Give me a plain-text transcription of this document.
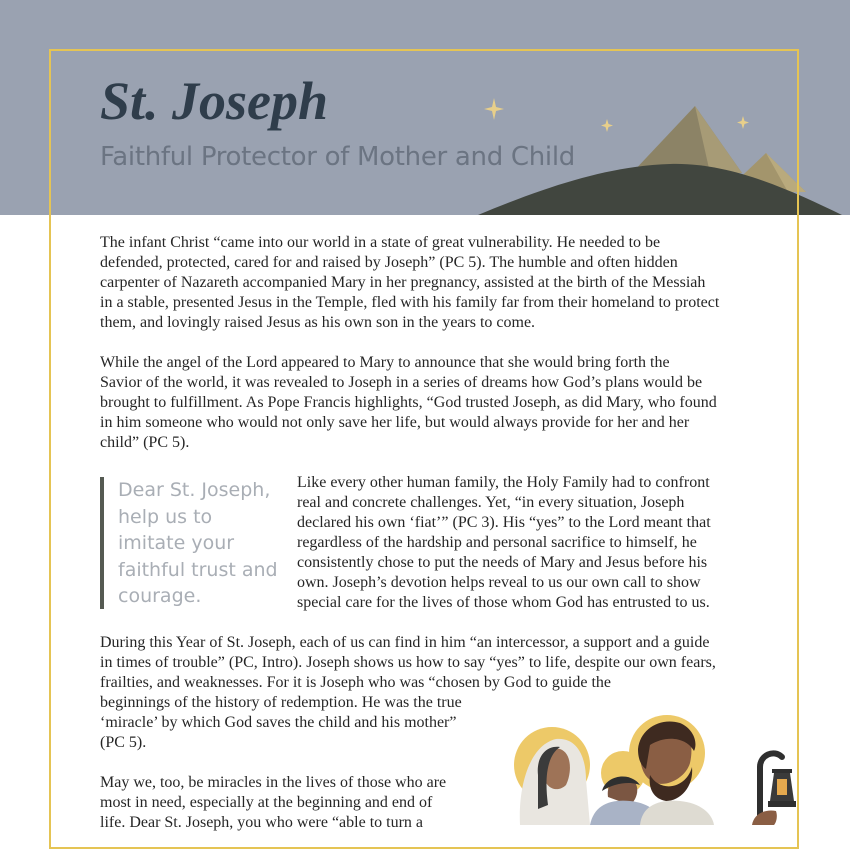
St. Joseph
Faithful Protector of Mother and Child

The infant Christ “came into our world in a state of great vulnerability. He needed to be
defended, protected, cared for and raised by Joseph” (PC 5). The humble and often hidden
carpenter of Nazareth accompanied Mary in her pregnancy, assisted at the birth of the Messiah
in a stable, presented Jesus in the Temple, fled with his family far from their homeland to protect
them, and lovingly raised Jesus as his own son in the years to come.

While the angel of the Lord appeared to Mary to announce that she would bring forth the
Savior of the world, it was revealed to Joseph in a series of dreams how God’s plans would be
brought to fulfillment. As Pope Francis highlights, “God trusted Joseph, as did Mary, who found
in him someone who would not only save her life, but would always provide for her and her
child” (PC 5).

Dear St. Joseph,
help us to
imitate your
faithful trust and
courage.

Like every other human family, the Holy Family had to confront
real and concrete challenges. Yet, “in every situation, Joseph
declared his own ‘fiat’” (PC 3). His “yes” to the Lord meant that
regardless of the hardship and personal sacrifice to himself, he
consistently chose to put the needs of Mary and Jesus before his
own. Joseph’s devotion helps reveal to us our own call to show
special care for the lives of those whom God has entrusted to us.

During this Year of St. Joseph, each of us can find in him “an intercessor, a support and a guide
in times of trouble” (PC, Intro). Joseph shows us how to say “yes” to life, despite our own fears,
frailties, and weaknesses. For it is Joseph who was “chosen by God to guide the
beginnings of the history of redemption. He was the true
‘miracle’ by which God saves the child and his mother”
(PC 5).

May we, too, be miracles in the lives of those who are
most in need, especially at the beginning and end of
life. Dear St. Joseph, you who were “able to turn a
